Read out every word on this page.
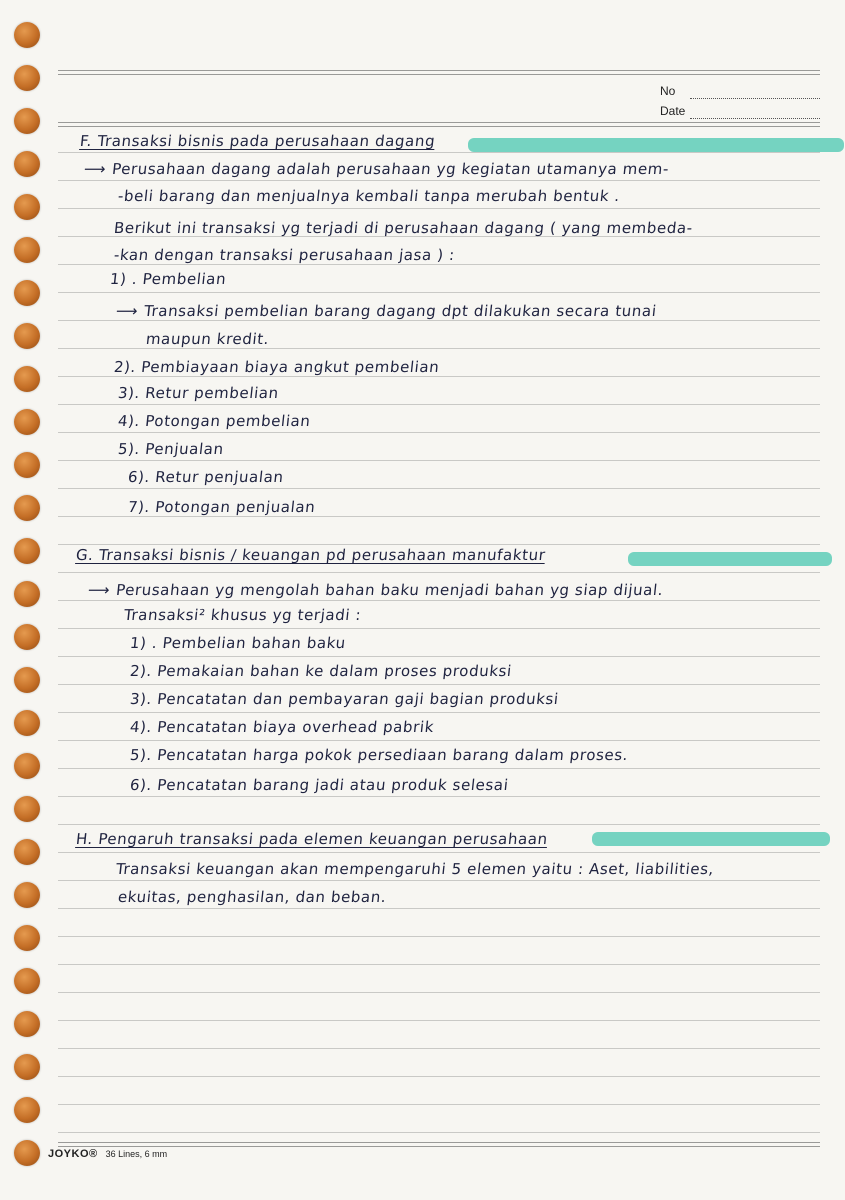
No
Date
F. Transaksi bisnis pada perusahaan dagang
⟶ Perusahaan dagang adalah perusahaan yg kegiatan utamanya mem-
-beli barang dan menjualnya kembali tanpa merubah bentuk .
Berikut ini transaksi yg terjadi di perusahaan dagang ( yang membeda-
-kan dengan transaksi perusahaan jasa ) :
1) . Pembelian
⟶ Transaksi pembelian barang dagang dpt dilakukan secara tunai
maupun kredit.
2). Pembiayaan biaya angkut pembelian
3). Retur pembelian
4). Potongan pembelian
5). Penjualan
6). Retur penjualan
7). Potongan penjualan
G. Transaksi bisnis / keuangan pd perusahaan manufaktur
⟶ Perusahaan yg mengolah bahan baku menjadi bahan yg siap dijual.
Transaksi² khusus yg terjadi :
1) . Pembelian bahan baku
2). Pemakaian bahan ke dalam proses produksi
3). Pencatatan dan pembayaran gaji bagian produksi
4). Pencatatan biaya overhead pabrik
5). Pencatatan harga pokok persediaan barang dalam proses.
6). Pencatatan barang jadi atau produk selesai
H. Pengaruh transaksi pada elemen keuangan perusahaan
Transaksi keuangan akan mempengaruhi 5 elemen yaitu : Aset, liabilities,
ekuitas, penghasilan, dan beban.
JOYKO® 36 Lines, 6 mm
